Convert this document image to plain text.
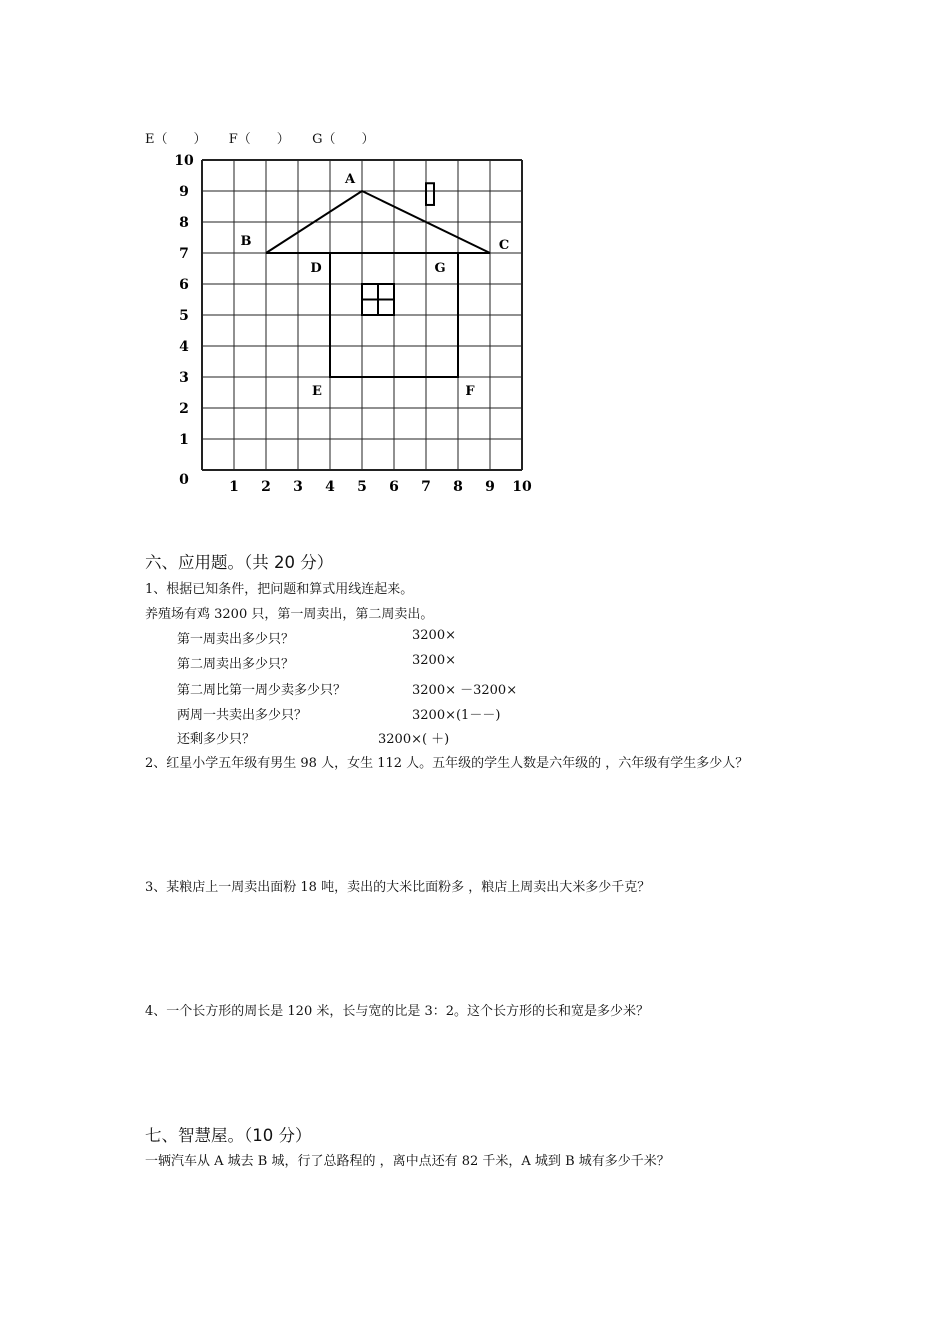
E（　　） F（　　） G（　　）
1 2 3 4 5 6 7 8 9 10
1
2
3
4
5
6
7
8
9
10
0
A
B	C
D	G
E	F
六、应用题。（共 20 分）
1、根据已知条件，把问题和算式用线连起来。
养殖场有鸡 3200 只，第一周卖出，第二周卖出。
第一周卖出多少只？	3200×
第二周卖出多少只？	3200×
第二周比第一周少卖多少只？	3200× －3200×
两周一共卖出多少只？	3200×(1－－)
还剩多少只？	3200×( ＋)
2、红星小学五年级有男生 98 人，女生 112 人。五年级的学生人数是六年级的 ，六年级有学生多少人？
3、某粮店上一周卖出面粉 18 吨，卖出的大米比面粉多 ，粮店上周卖出大米多少千克？
4、一个长方形的周长是 120 米，长与宽的比是 3：2。这个长方形的长和宽是多少米？
七、智慧屋。（10 分）
一辆汽车从 A 城去 B 城，行了总路程的 ，离中点还有 82 千米，A 城到 B 城有多少千米？
